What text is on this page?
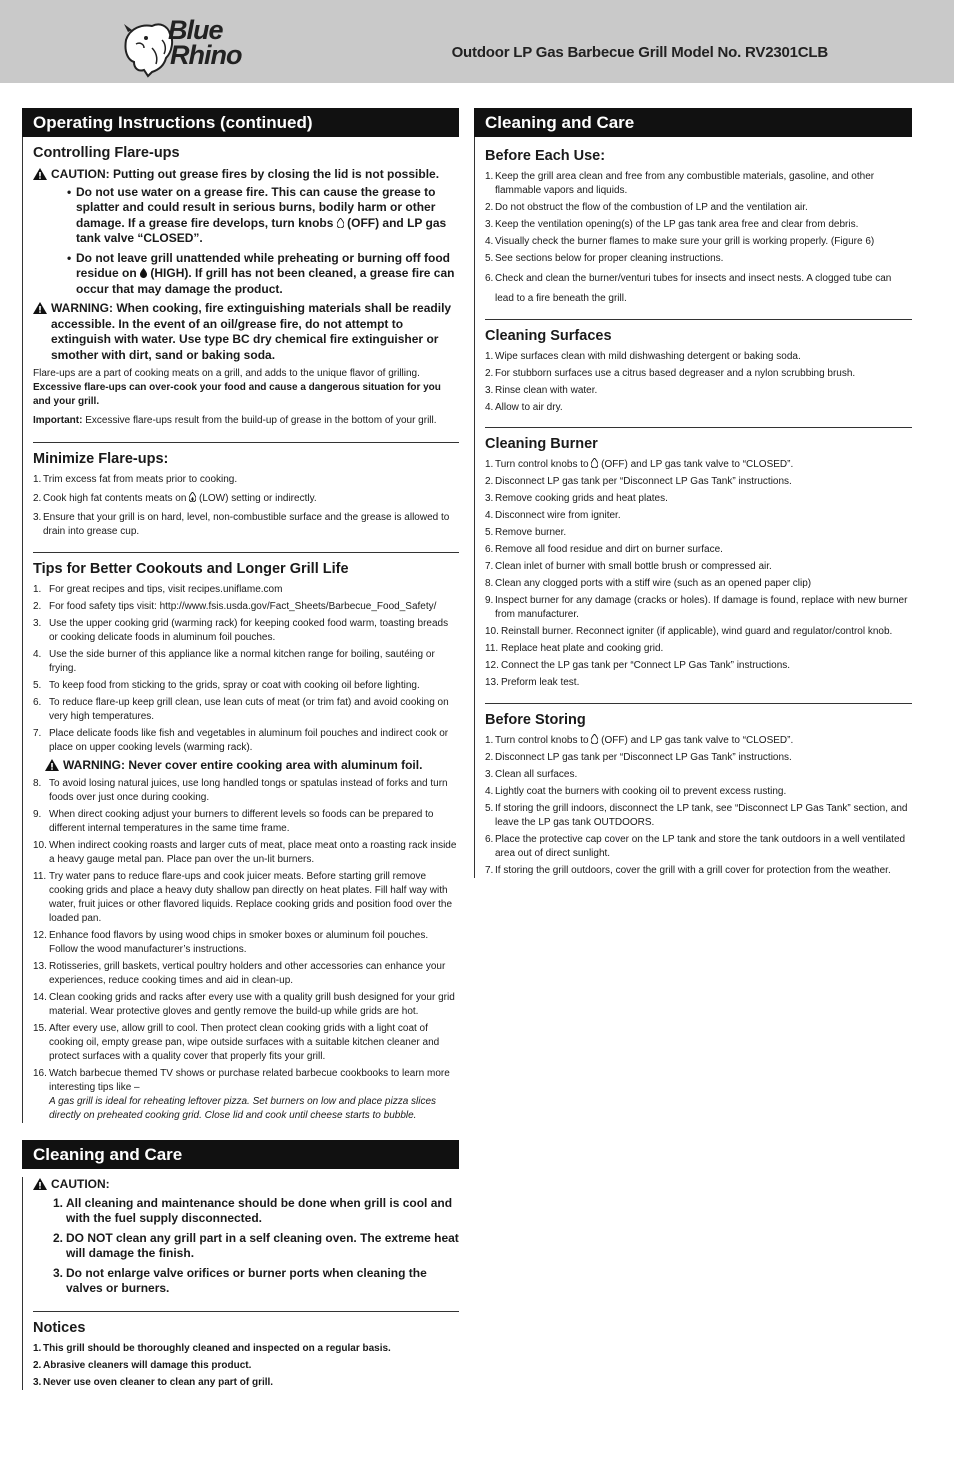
Blue
Rhino	Outdoor LP Gas Barbecue Grill Model No. RV2301CLB
Operating Instructions (continued)
Controlling Flare-ups

CAUTION: Putting out grease fires by closing the lid is not possible.

• Do not use water on a grease fire. This can cause the grease to splatter and could result in serious burns, bodily harm or other damage. If a grease fire develops, turn knobs (OFF) and LP gas tank valve “CLOSED”.
• Do not leave grill unattended while preheating or burning off food residue on (HIGH). If grill has not been cleaned, a grease fire can occur that may damage the product.

WARNING: When cooking, fire extinguishing materials shall be readily accessible. In the event of an oil/grease fire, do not attempt to extinguish with water. Use type BC dry chemical fire extinguisher or smother with dirt, sand or baking soda.

Flare-ups are a part of cooking meats on a grill, and adds to the unique flavor of grilling.
Excessive flare-ups can over-cook your food and cause a dangerous situation for you and your grill.

Important: Excessive flare-ups result from the build-up of grease in the bottom of your grill.

Minimize Flare-ups:
1. Trim excess fat from meats prior to cooking.
2. Cook high fat contents meats on (LOW) setting or indirectly.
3. Ensure that your grill is on hard, level, non-combustible surface and the grease is allowed to drain into grease cup.
Tips for Better Cookouts and Longer Grill Life
1. For great recipes and tips, visit recipes.uniflame.com
2. For food safety tips visit: http://www.fsis.usda.gov/Fact_Sheets/Barbecue_Food_Safety/
3. Use the upper cooking grid (warming rack) for keeping cooked food warm, toasting breads or cooking delicate foods in aluminum foil pouches.
4. Use the side burner of this appliance like a normal kitchen range for boiling, sautéing or frying.
5. To keep food from sticking to the grids, spray or coat with cooking oil before lighting.
6. To reduce flare-up keep grill clean, use lean cuts of meat (or trim fat) and avoid cooking on very high temperatures.
7. Place delicate foods like fish and vegetables in aluminum foil pouches and indirect cook or place on upper cooking levels (warming rack).

WARNING: Never cover entire cooking area with aluminum foil.

8. To avoid losing natural juices, use long handled tongs or spatulas instead of forks and turn foods over just once during cooking.
9. When direct cooking adjust your burners to different levels so foods can be prepared to different internal temperatures in the same time frame.
10. When indirect cooking roasts and larger cuts of meat, place meat onto a roasting rack inside a heavy gauge metal pan. Place pan over the un-lit burners.
11. Try water pans to reduce flare-ups and cook juicer meats. Before starting grill remove cooking grids and place a heavy duty shallow pan directly on heat plates. Fill half way with water, fruit juices or other flavored liquids. Replace cooking grids and position food over the loaded pan.
12. Enhance food flavors by using wood chips in smoker boxes or aluminum foil pouches. Follow the wood manufacturer’s instructions.
13. Rotisseries, grill baskets, vertical poultry holders and other accessories can enhance your experiences, reduce cooking times and aid in clean-up.
14. Clean cooking grids and racks after every use with a quality grill bush designed for your grid material. Wear protective gloves and gently remove the build-up while grids are hot.
15. After every use, allow grill to cool. Then protect clean cooking grids with a light coat of cooking oil, empty grease pan, wipe outside surfaces with a suitable kitchen cleaner and protect surfaces with a quality cover that properly fits your grill.
16. Watch barbecue themed TV shows or purchase related barbecue cookbooks to learn more interesting tips like –
A gas grill is ideal for reheating leftover pizza. Set burners on low and place pizza slices directly on preheated cooking grid. Close lid and cook until cheese starts to bubble.
Cleaning and Care

CAUTION:

1. All cleaning and maintenance should be done when grill is cool and with the fuel supply disconnected.
2. DO NOT clean any grill part in a self cleaning oven. The extreme heat will damage the finish.
3. Do not enlarge valve orifices or burner ports when cleaning the valves or burners.
Notices
1. This grill should be thoroughly cleaned and inspected on a regular basis.
2. Abrasive cleaners will damage this product.
3. Never use oven cleaner to clean any part of grill.
Cleaning and Care
Before Each Use:
1. Keep the grill area clean and free from any combustible materials, gasoline, and other flammable vapors and liquids.
2. Do not obstruct the flow of the combustion of LP and the ventilation air.
3. Keep the ventilation opening(s) of the LP gas tank area free and clear from debris.
4. Visually check the burner flames to make sure your grill is working properly. (Figure 6)
5. See sections below for proper cleaning instructions.
6. Check and clean the burner/venturi tubes for insects and insect nests. A clogged tube can lead to a fire beneath the grill.
Cleaning Surfaces
1. Wipe surfaces clean with mild dishwashing detergent or baking soda.
2. For stubborn surfaces use a citrus based degreaser and a nylon scrubbing brush.
3. Rinse clean with water.
4. Allow to air dry.
Cleaning Burner
1. Turn control knobs to (OFF) and LP gas tank valve to “CLOSED”.
2. Disconnect LP gas tank per “Disconnect LP Gas Tank” instructions.
3. Remove cooking grids and heat plates.
4. Disconnect wire from igniter.
5. Remove burner.
6. Remove all food residue and dirt on burner surface.
7. Clean inlet of burner with small bottle brush or compressed air.
8. Clean any clogged ports with a stiff wire (such as an opened paper clip)
9. Inspect burner for any damage (cracks or holes). If damage is found, replace with new burner from manufacturer.
10. Reinstall burner. Reconnect igniter (if applicable), wind guard and regulator/control knob.
11. Replace heat plate and cooking grid.
12. Connect the LP gas tank per “Connect LP Gas Tank” instructions.
13. Preform leak test.
Before Storing
1. Turn control knobs to (OFF) and LP gas tank valve to “CLOSED”.
2. Disconnect LP gas tank per “Disconnect LP Gas Tank” instructions.
3. Clean all surfaces.
4. Lightly coat the burners with cooking oil to prevent excess rusting.
5. If storing the grill indoors, disconnect the LP tank, see “Disconnect LP Gas Tank” section, and leave the LP gas tank OUTDOORS.
6. Place the protective cap cover on the LP tank and store the tank outdoors in a well ventilated area out of direct sunlight.
7. If storing the grill outdoors, cover the grill with a grill cover for protection from the weather.
